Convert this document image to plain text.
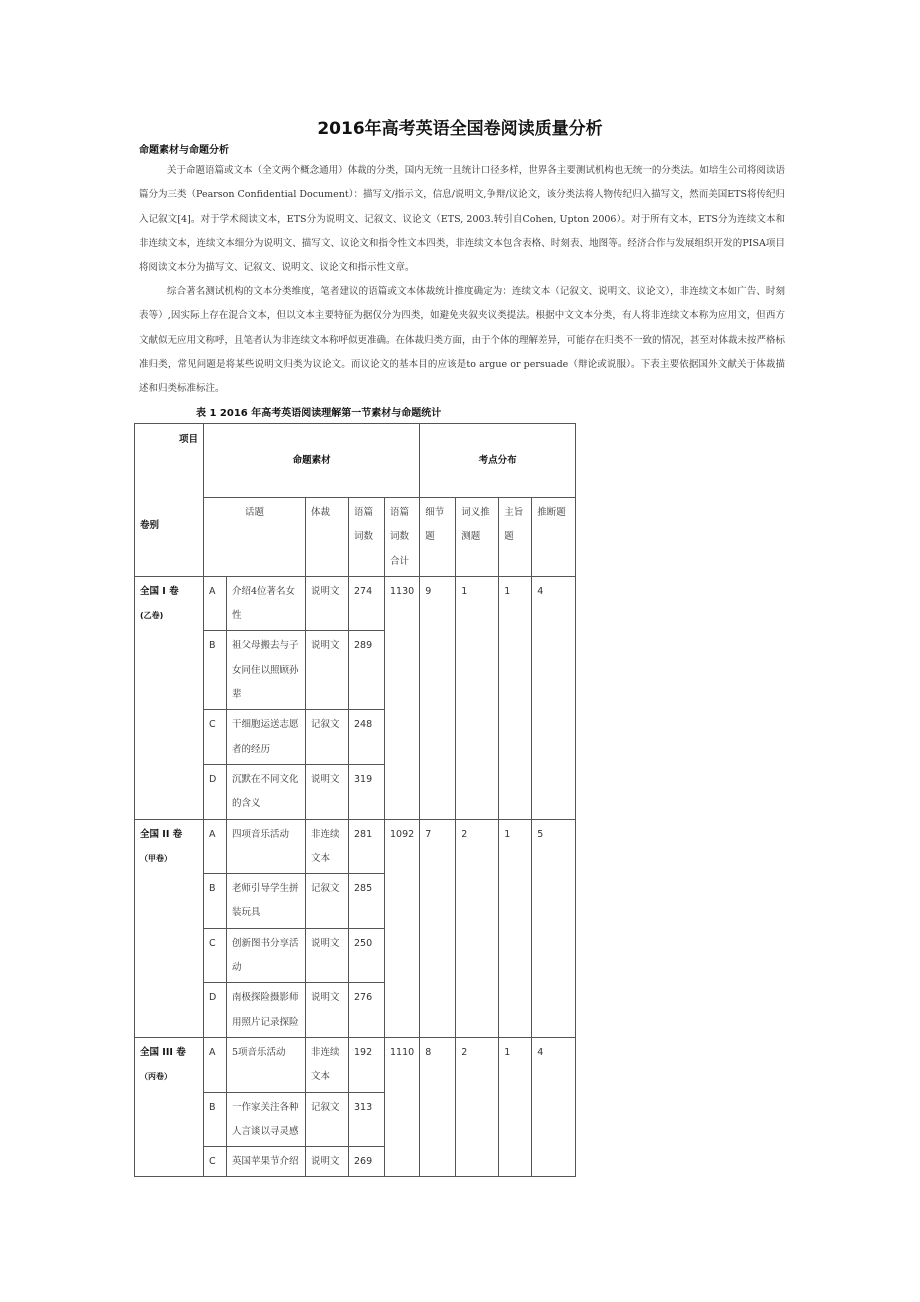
2016年高考英语全国卷阅读质量分析
命题素材与命题分析

关于命题语篇或文本（全文两个概念通用）体裁的分类，国内无统一且统计口径多样，世界各主要测试机构也无统一的分类法。如培生公司将阅读语篇分为三类（Pearson Confidential Document）：描写文/指示文，信息/说明文,争辩/议论文，该分类法将人物传纪归入描写文，然而美国ETS将传纪归入记叙文[4]。对于学术阅读文本，ETS分为说明文、记叙文、议论文（ETS, 2003.转引自Cohen, Upton 2006）。对于所有文本，ETS分为连续文本和非连续文本，连续文本细分为说明文、描写文、议论文和指令性文本四类，非连续文本包含表格、时刻表、地图等。经济合作与发展组织开发的PISA项目将阅读文本分为描写文、记叙文、说明文、议论文和指示性文章。

综合著名测试机构的文本分类维度，笔者建议的语篇或文本体裁统计推度确定为：连续文本（记叙文、说明文、议论文），非连续文本如广告、时刻表等）,因实际上存在混合文本，但以文本主要特征为据仅分为四类，如避免夹叙夹议类提法。根据中文文本分类，有人将非连续文本称为应用文，但西方文献似无应用文称呼，且笔者认为非连续文本称呼似更准确。在体裁归类方面，由于个体的理解差异，可能存在归类不一致的情况，甚至对体裁未按严格标准归类，常见问题是将某些说明文归类为议论文。而议论文的基本目的应该是to argue or persuade（辩论或说服）。下表主要依据国外文献关于体裁描述和归类标准标注。

表 1 2016 年高考英语阅读理解第一节素材与命题统计
项目
卷别	命题素材					考点分布			
	话题		体裁	语篇词数	语篇词数合计	细节题	词义推测题	主旨题	推断题

全国 I 卷
(乙卷)	A	介绍4位著名女性	说明文	274	1130	9	1	1	4
	B	祖父母搬去与子女同住以照顾孙辈	说明文	289					
	C	干细胞运送志愿者的经历	记叙文	248					
	D	沉默在不同文化的含义	说明文	319					

全国 II 卷
（甲卷）	A	四项音乐活动	非连续文本	281	1092	7	2	1	5
	B	老师引导学生拼装玩具	记叙文	285					
	C	创新图书分享活动	说明文	250					
	D	南极探险摄影师用照片记录探险	说明文	276					

全国 III 卷
（丙卷）	A	5项音乐活动	非连续文本	192	1110	8	2	1	4
	B	一作家关注各种人言谈以寻灵感	记叙文	313					
	C	英国苹果节介绍	说明文	269					
